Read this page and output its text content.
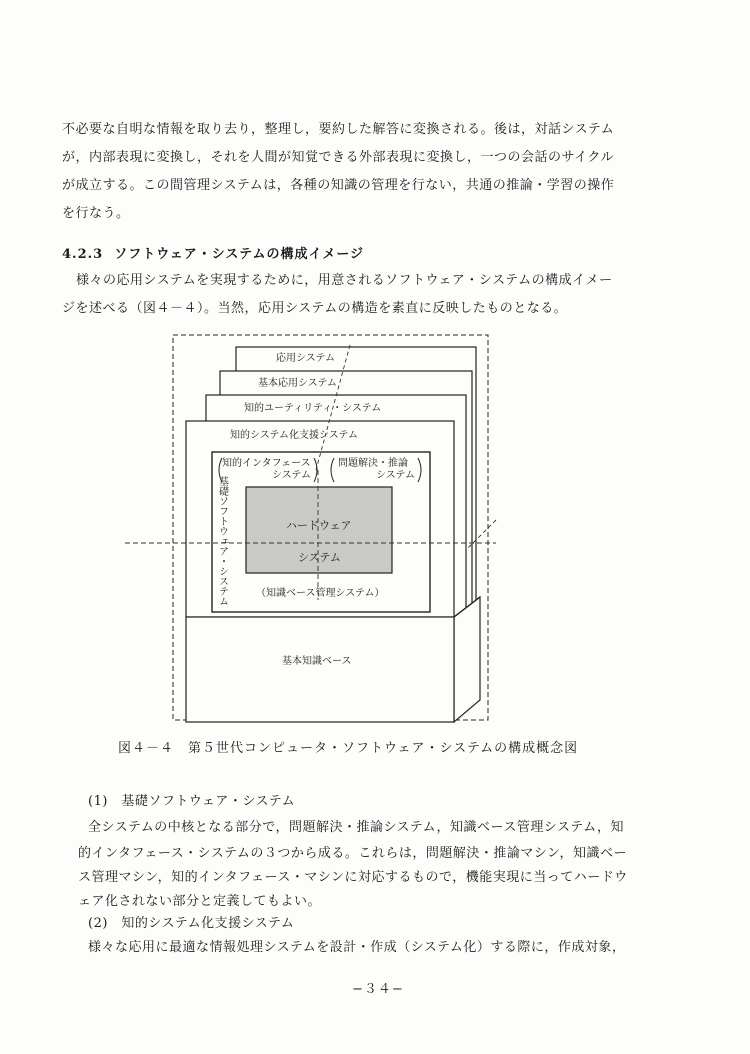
不必要な自明な情報を取り去り，整理し，要約した解答に変換される。後は，対話システム
が，内部表現に変換し，それを人間が知覚できる外部表現に変換し，一つの会話のサイクル
が成立する。この間管理システムは，各種の知識の管理を行ない，共通の推論・学習の操作
を行なう。
4.2.3 ソフトウェア・システムの構成イメージ
様々の応用システムを実現するために，用意されるソフトウェア・システムの構成イメー
ジを述べる（図４－４）。当然，応用システムの構造を素直に反映したものとなる。
応用システム
基本応用システム
知的ユーティリティ・システム
知的システム化支援システム
知的インタフェース
システム
問題解決・推論
システム
基礎ソフトウェア・システム	ハードウェア
システム
（知識ベース管理システム）
基本知識ベース
図４－４　第５世代コンピュータ・ソフトウェア・システムの構成概念図
(1)　基礎ソフトウェア・システム
全システムの中核となる部分で，問題解決・推論システム，知識ベース管理システム，知
的インタフェース・システムの３つから成る。これらは，問題解決・推論マシン，知識ベー
ス管理マシン，知的インタフェース・マシンに対応するもので，機能実現に当ってハードウ
ェア化されない部分と定義してもよい。
(2)　知的システム化支援システム
様々な応用に最適な情報処理システムを設計・作成（システム化）する際に，作成対象，
−３４−
